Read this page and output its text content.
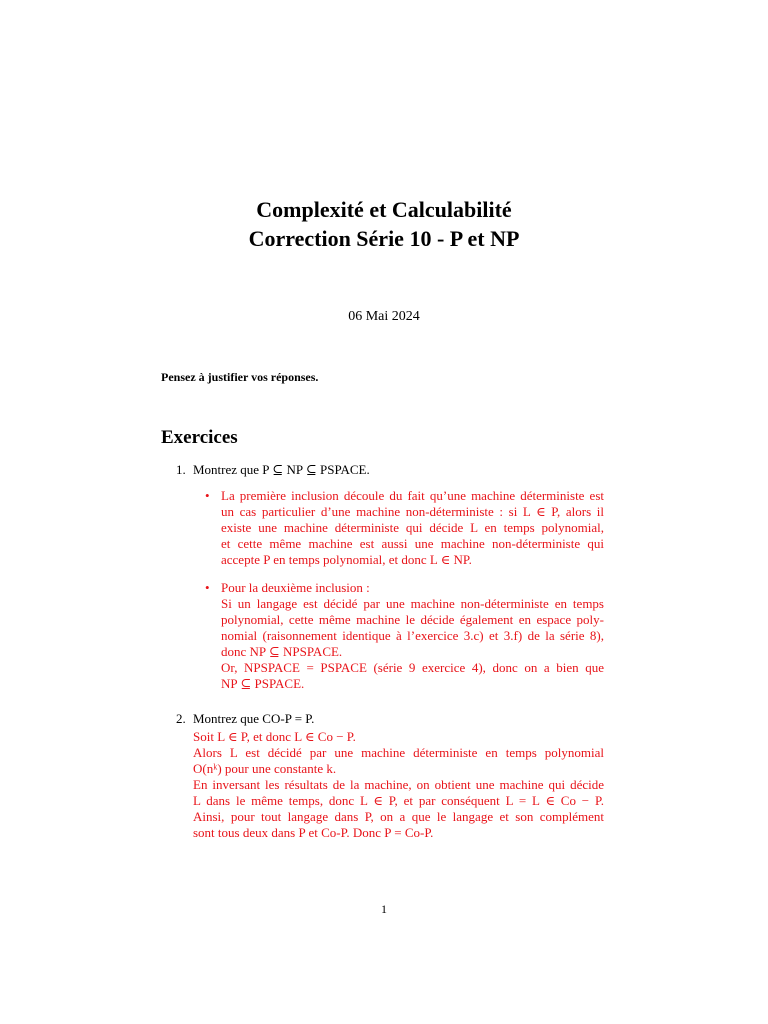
Complexité et Calculabilité
Correction Série 10 - P et NP
06 Mai 2024
Pensez à justifier vos réponses.
Exercices
1. Montrez que P ⊆ NP ⊆ PSPACE.
• La première inclusion découle du fait qu’une machine déterministe est
un cas particulier d’une machine non-déterministe : si L ∈ P, alors il
existe une machine déterministe qui décide L en temps polynomial,
et cette même machine est aussi une machine non-déterministe qui
accepte P en temps polynomial, et donc L ∈ NP.
• Pour la deuxième inclusion :
Si un langage est décidé par une machine non-déterministe en temps
polynomial, cette même machine le décide également en espace poly-
nomial (raisonnement identique à l’exercice 3.c) et 3.f) de la série 8),
donc NP ⊆ NPSPACE.
Or, NPSPACE = PSPACE (série 9 exercice 4), donc on a bien que
NP ⊆ PSPACE.
2. Montrez que CO-P = P.
Soit L ∈ P, et donc L ∈ Co − P.
Alors L est décidé par une machine déterministe en temps polynomial
O(nᵏ) pour une constante k.
En inversant les résultats de la machine, on obtient une machine qui décide
L dans le même temps, donc L ∈ P, et par conséquent L = L ∈ Co − P.
Ainsi, pour tout langage dans P, on a que le langage et son complément
sont tous deux dans P et Co-P. Donc P = Co-P.
1
